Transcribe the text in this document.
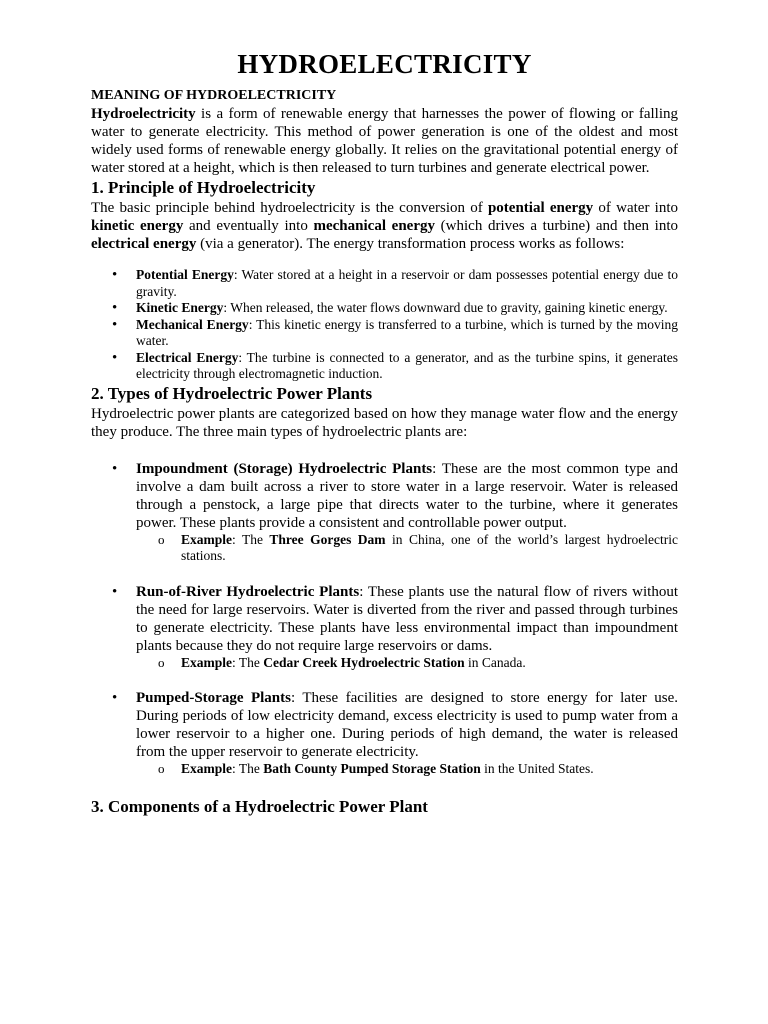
HYDROELECTRICITY
MEANING OF HYDROELECTRICITY

Hydroelectricity is a form of renewable energy that harnesses the power of flowing or falling water to generate electricity. This method of power generation is one of the oldest and most widely used forms of renewable energy globally. It relies on the gravitational potential energy of water stored at a height, which is then released to turn turbines and generate electrical power.

1. Principle of Hydroelectricity

The basic principle behind hydroelectricity is the conversion of potential energy of water into kinetic energy and eventually into mechanical energy (which drives a turbine) and then into electrical energy (via a generator). The energy transformation process works as follows:

• Potential Energy: Water stored at a height in a reservoir or dam possesses potential energy due to gravity.
• Kinetic Energy: When released, the water flows downward due to gravity, gaining kinetic energy.
• Mechanical Energy: This kinetic energy is transferred to a turbine, which is turned by the moving water.
• Electrical Energy: The turbine is connected to a generator, and as the turbine spins, it generates electricity through electromagnetic induction.
2. Types of Hydroelectric Power Plants

Hydroelectric power plants are categorized based on how they manage water flow and the energy they produce. The three main types of hydroelectric plants are:

• Impoundment (Storage) Hydroelectric Plants: These are the most common type and involve a dam built across a river to store water in a large reservoir. Water is released through a penstock, a large pipe that directs water to the turbine, where it generates power. These plants provide a consistent and controllable power output.
o Example: The Three Gorges Dam in China, one of the world’s largest hydroelectric stations.
• Run-of-River Hydroelectric Plants: These plants use the natural flow of rivers without the need for large reservoirs. Water is diverted from the river and passed through turbines to generate electricity. These plants have less environmental impact than impoundment plants because they do not require large reservoirs or dams.
o Example: The Cedar Creek Hydroelectric Station in Canada.
• Pumped-Storage Plants: These facilities are designed to store energy for later use. During periods of low electricity demand, excess electricity is used to pump water from a lower reservoir to a higher one. During periods of high demand, the water is released from the upper reservoir to generate electricity.
o Example: The Bath County Pumped Storage Station in the United States.
3. Components of a Hydroelectric Power Plant
